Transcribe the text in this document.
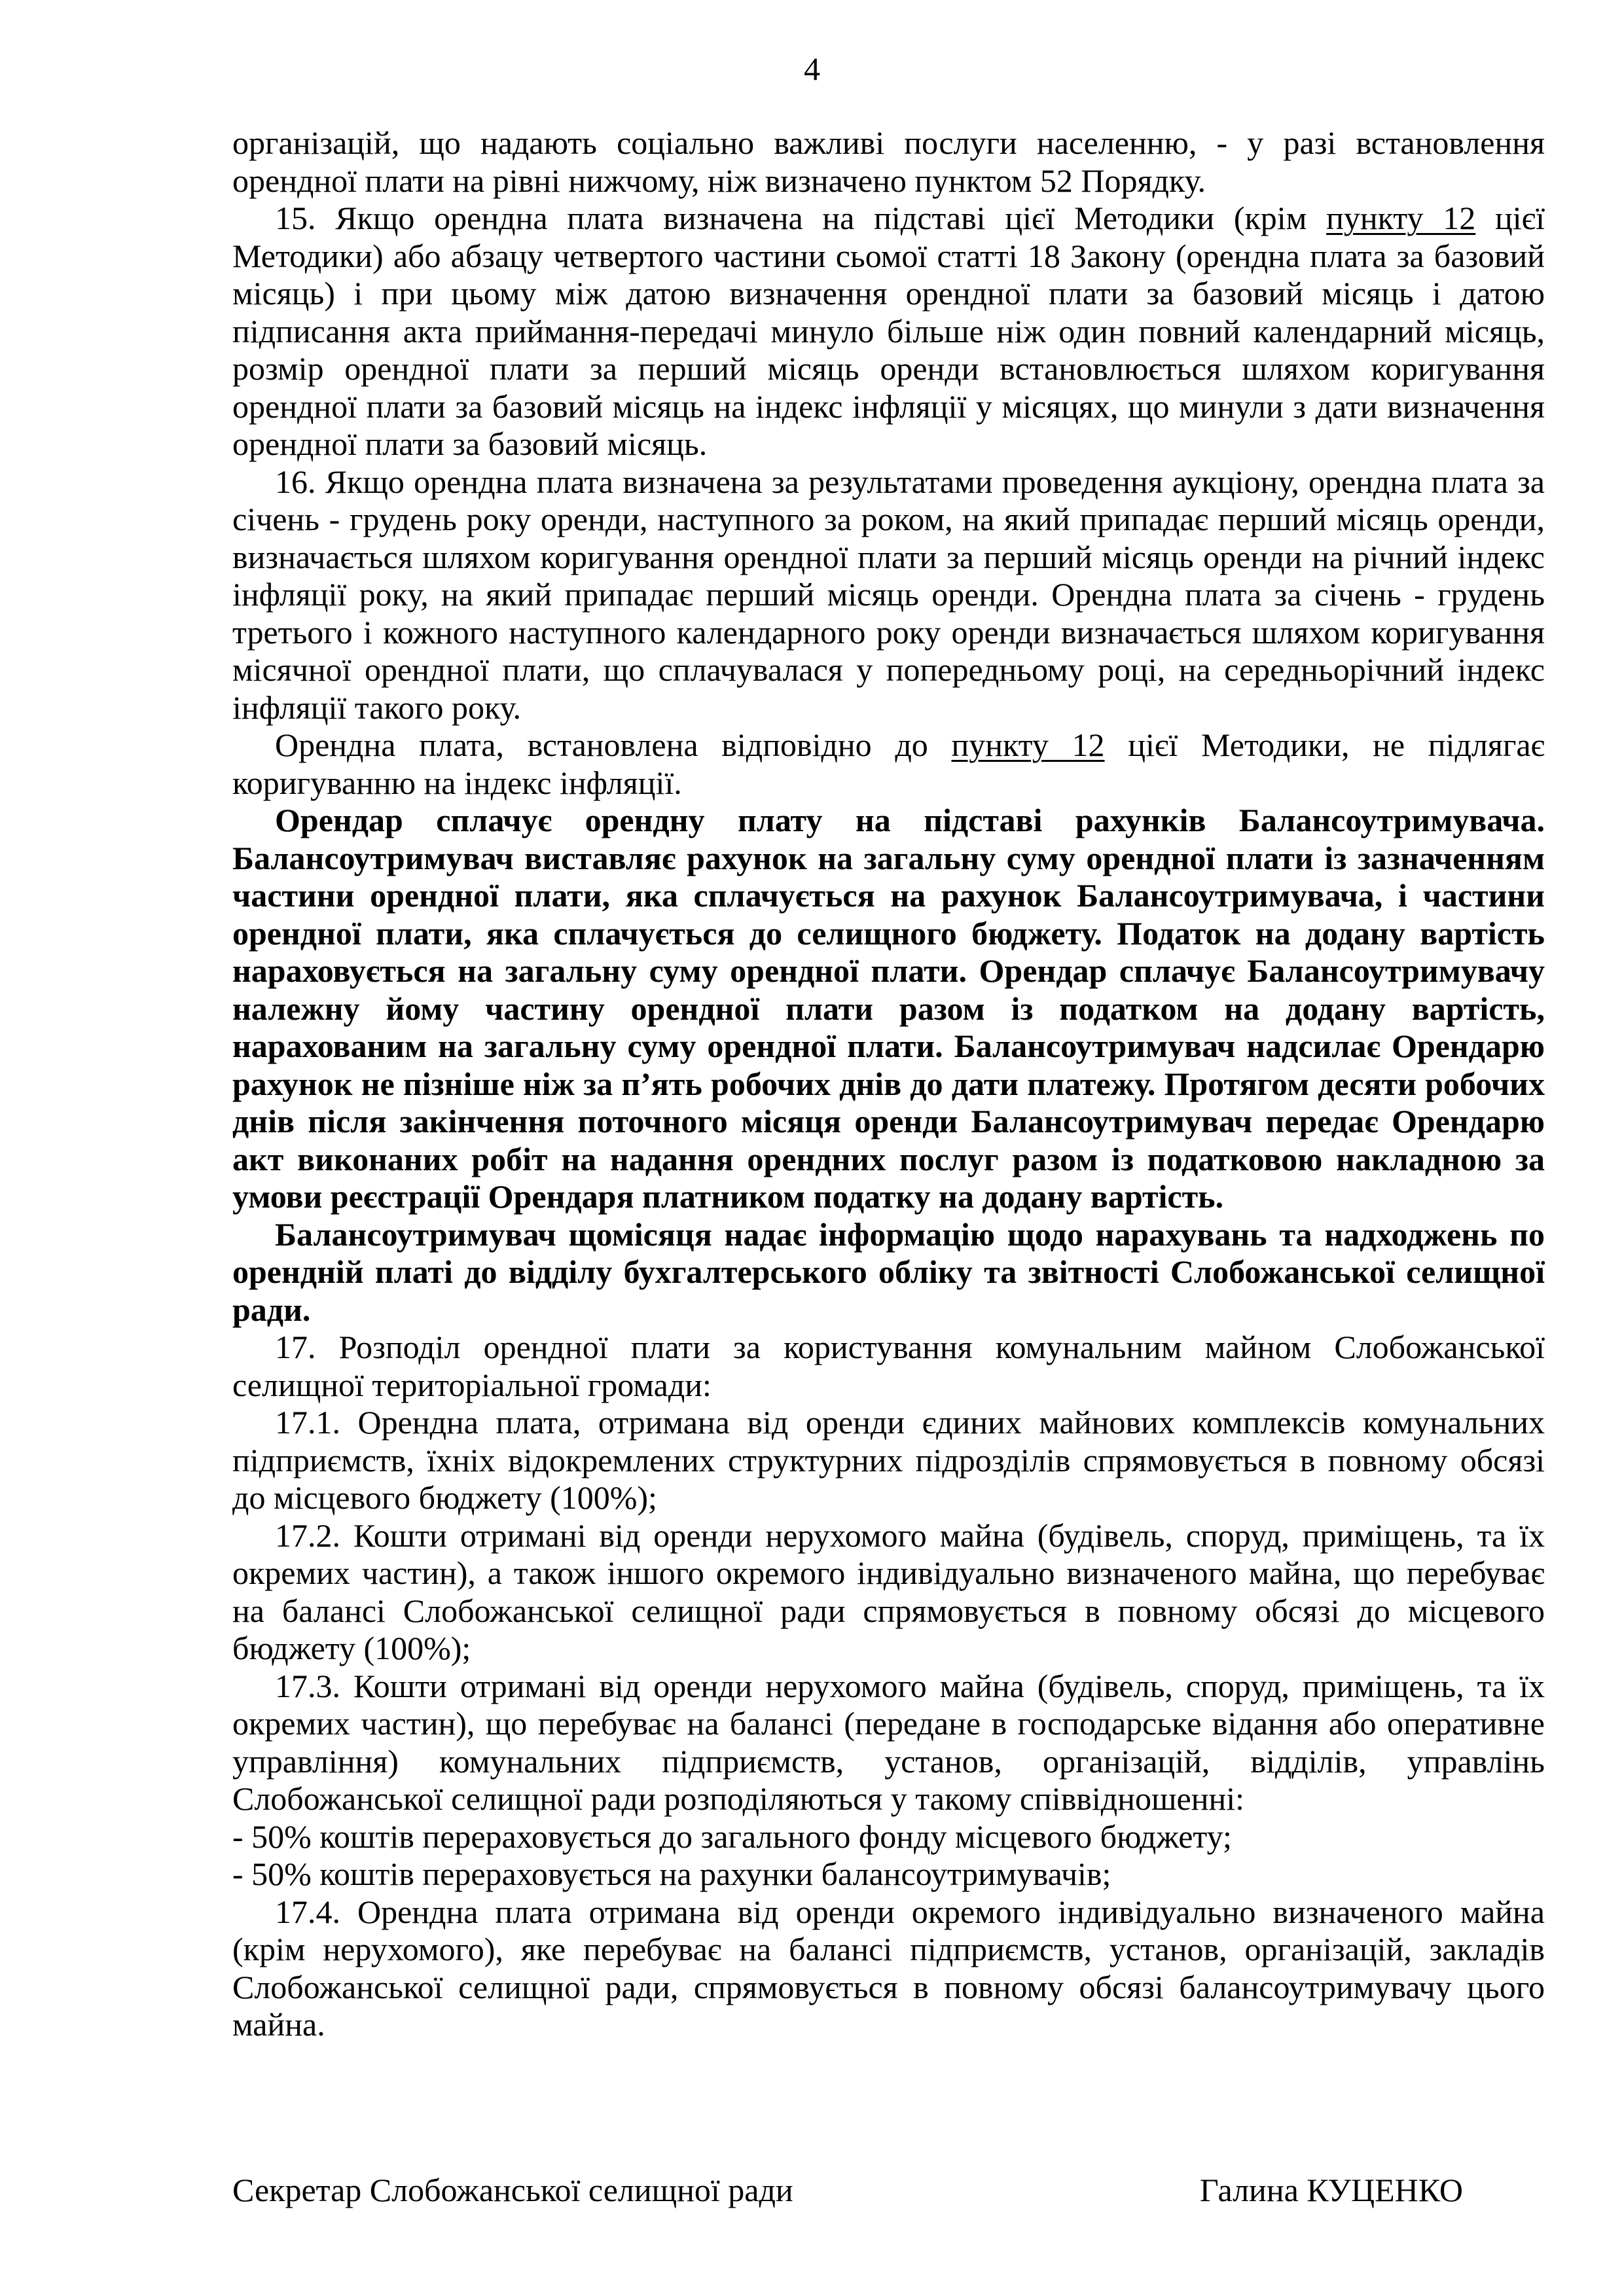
4
організацій, що надають соціально важливі послуги населенню, - у разі встановлення орендної плати на рівні нижчому, ніж визначено пунктом 52 Порядку.
15. Якщо орендна плата визначена на підставі цієї Методики (крім пункту 12 цієї Методики) або абзацу четвертого частини сьомої статті 18 Закону (орендна плата за базовий місяць) і при цьому між датою визначення орендної плати за базовий місяць і датою підписання акта приймання-передачі минуло більше ніж один повний календарний місяць, розмір орендної плати за перший місяць оренди встановлюється шляхом коригування орендної плати за базовий місяць на індекс інфляції у місяцях, що минули з дати визначення орендної плати за базовий місяць.
16. Якщо орендна плата визначена за результатами проведення аукціону, орендна плата за січень - грудень року оренди, наступного за роком, на який припадає перший місяць оренди, визначається шляхом коригування орендної плати за перший місяць оренди на річний індекс інфляції року, на який припадає перший місяць оренди. Орендна плата за січень - грудень третього і кожного наступного календарного року оренди визначається шляхом коригування місячної орендної плати, що сплачувалася у попередньому році, на середньорічний індекс інфляції такого року.
Орендна плата, встановлена відповідно до пункту 12 цієї Методики, не підлягає коригуванню на індекс інфляції.
Орендар сплачує орендну плату на підставі рахунків Балансоутримувача. Балансоутримувач виставляє рахунок на загальну суму орендної плати із зазначенням частини орендної плати, яка сплачується на рахунок Балансоутримувача, і частини орендної плати, яка сплачується до селищного бюджету. Податок на додану вартість нараховується на загальну суму орендної плати. Орендар сплачує Балансоутримувачу належну йому частину орендної плати разом із податком на додану вартість, нарахованим на загальну суму орендної плати. Балансоутримувач надсилає Орендарю рахунок не пізніше ніж за п’ять робочих днів до дати платежу. Протягом десяти робочих днів після закінчення поточного місяця оренди Балансоутримувач передає Орендарю акт виконаних робіт на надання орендних послуг разом із податковою накладною за умови реєстрації Орендаря платником податку на додану вартість.
Балансоутримувач щомісяця надає інформацію щодо нарахувань та надходжень по орендній платі до відділу бухгалтерського обліку та звітності Слобожанської селищної ради.
17. Розподіл орендної плати за користування комунальним майном Слобожанської селищної територіальної громади:
17.1. Орендна плата, отримана від оренди єдиних майнових комплексів комунальних підприємств, їхніх відокремлених структурних підрозділів спрямовується в повному обсязі до місцевого бюджету (100%);
17.2. Кошти отримані від оренди нерухомого майна (будівель, споруд, приміщень, та їх окремих частин), а також іншого окремого індивідуально визначеного майна, що перебуває на балансі Слобожанської селищної ради спрямовується в повному обсязі до місцевого бюджету (100%);
17.3. Кошти отримані від оренди нерухомого майна (будівель, споруд, приміщень, та їх окремих частин), що перебуває на балансі (передане в господарське відання або оперативне управління) комунальних підприємств, установ, організацій, відділів, управлінь Слобожанської селищної ради розподіляються у такому співвідношенні:
- 50% коштів перераховується до загального фонду місцевого бюджету;
- 50% коштів перераховується на рахунки балансоутримувачів;
17.4. Орендна плата отримана від оренди окремого індивідуально визначеного майна (крім нерухомого), яке перебуває на балансі підприємств, установ, організацій, закладів Слобожанської селищної ради, спрямовується в повному обсязі балансоутримувачу цього майна.
Секретар Слобожанської селищної ради	Галина КУЦЕНКО
